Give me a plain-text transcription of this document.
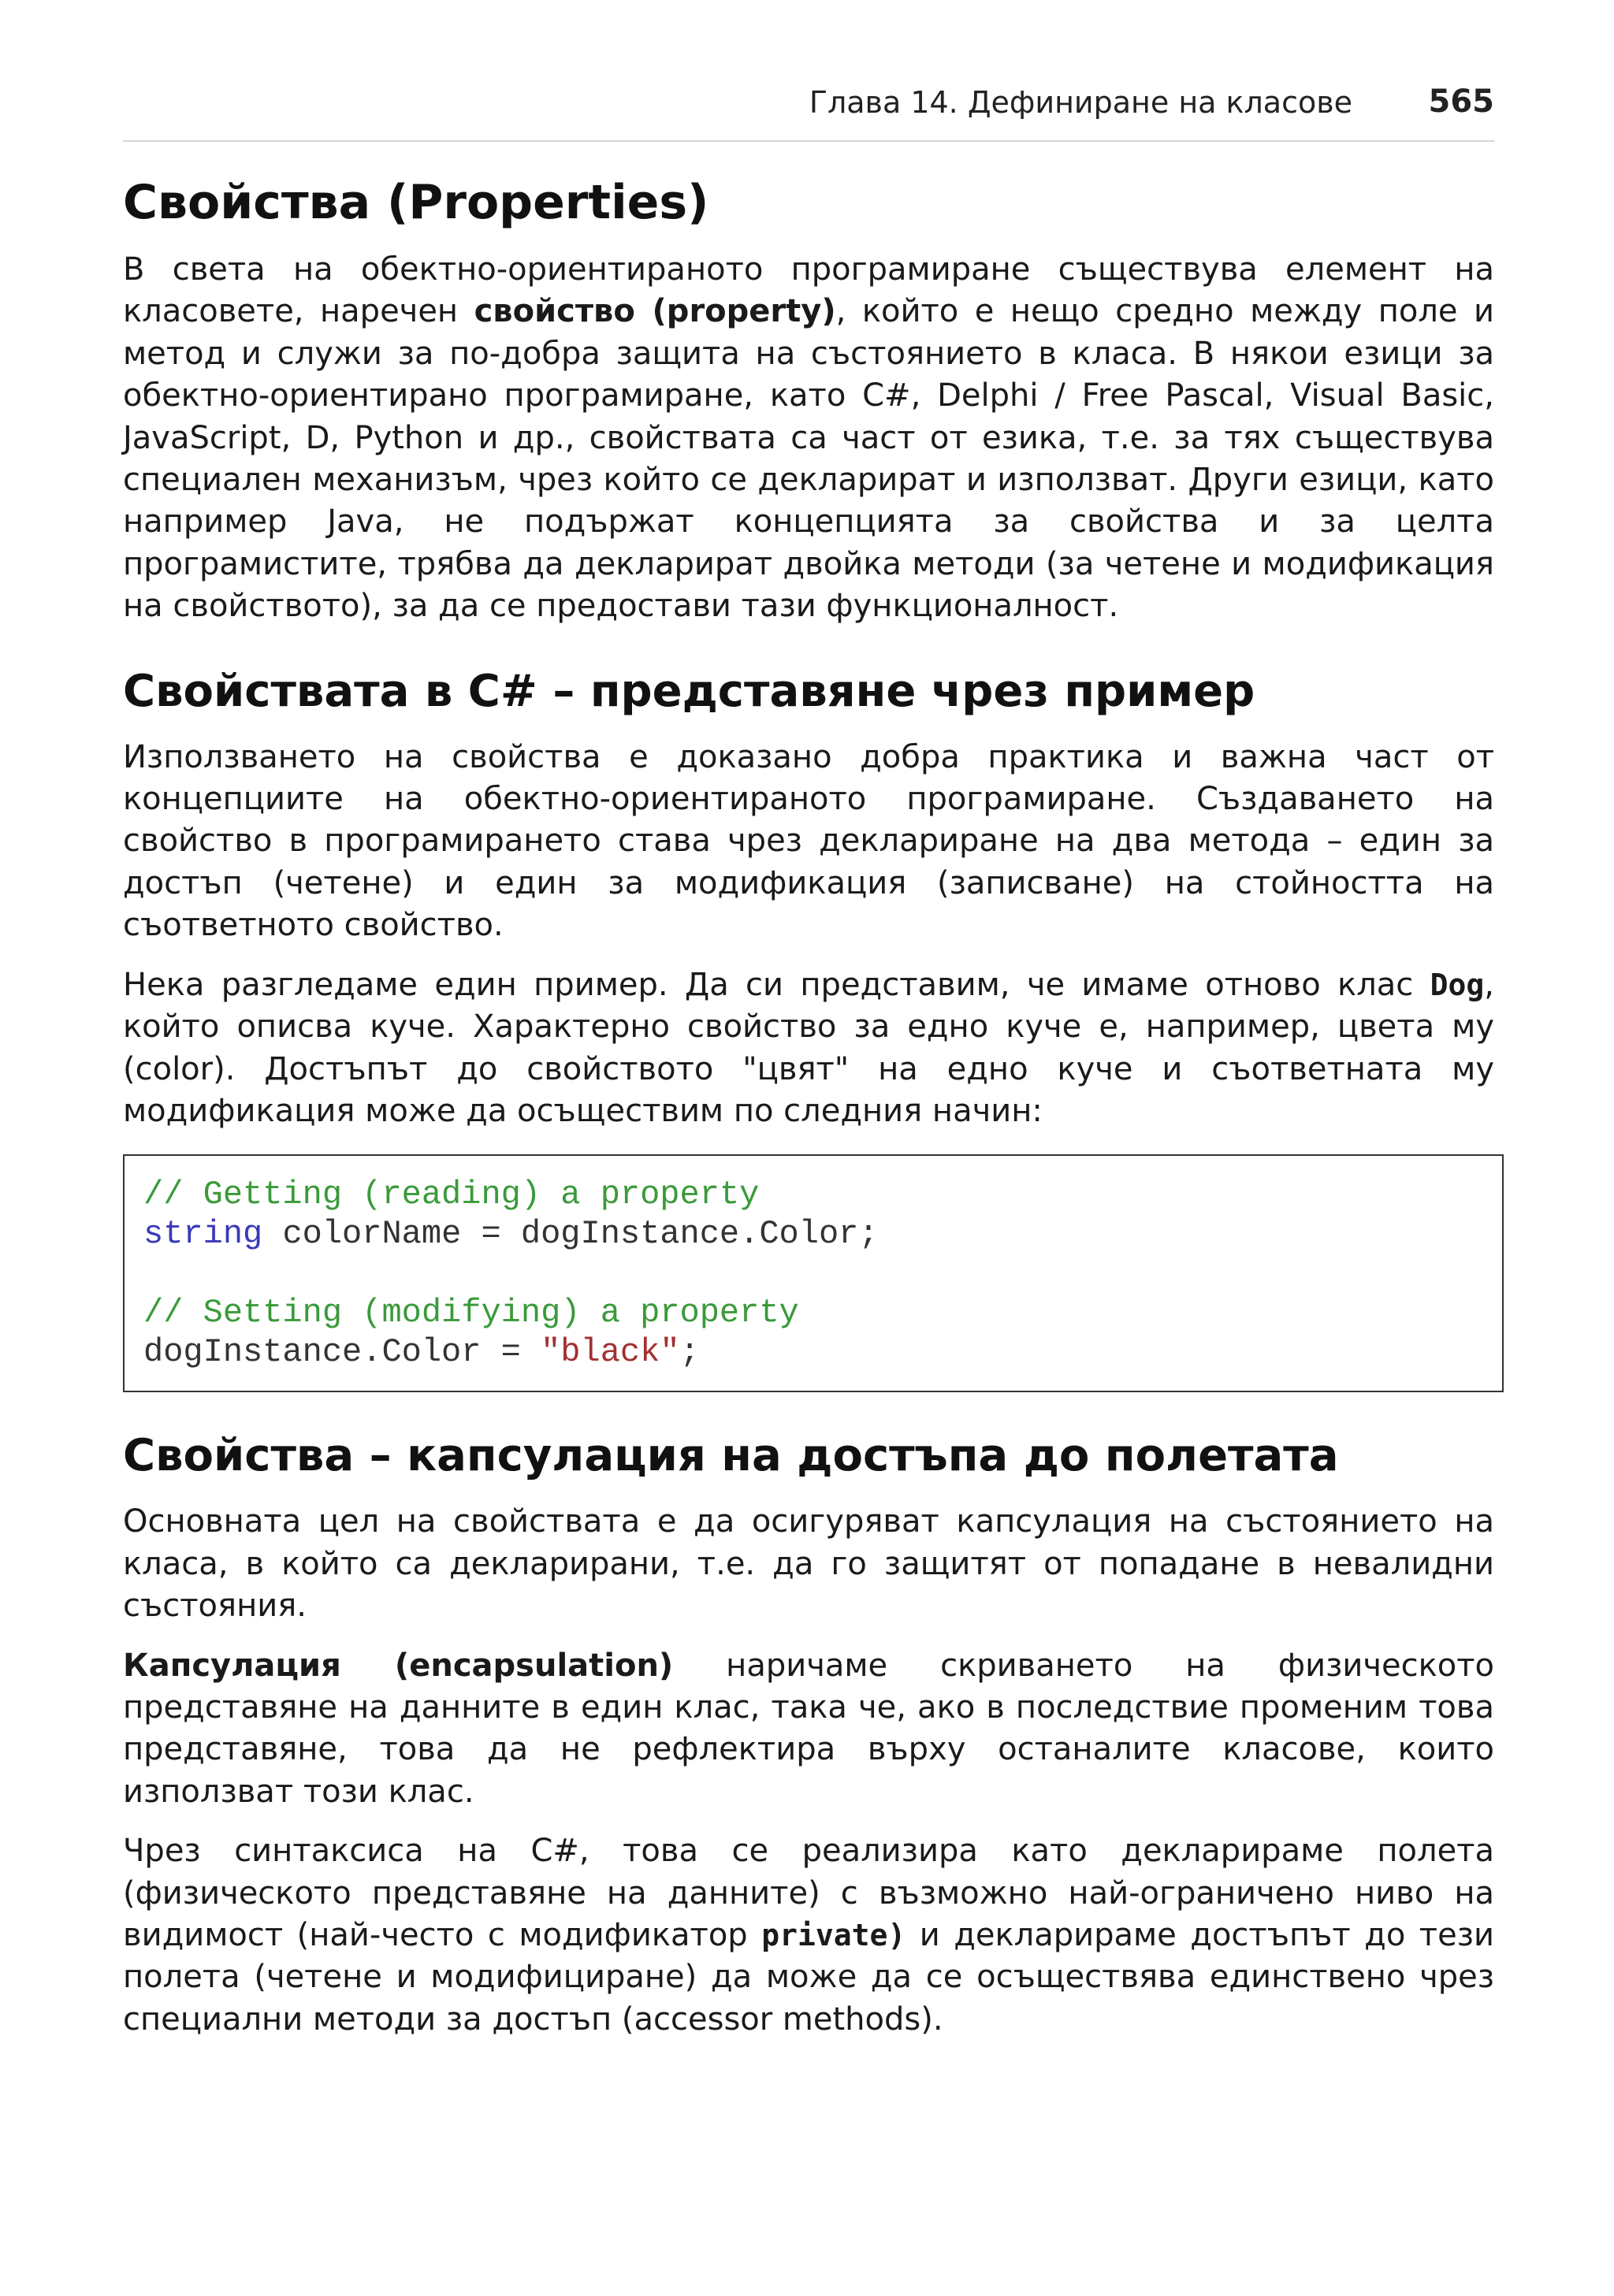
Глава 14. Дефиниране на класове 565
Свойства (Properties)

В света на обектно-ориентираното програмиране съществува елемент на класовете, наречен свойство (property), който е нещо средно между поле и метод и служи за по-добра защита на състоянието в класа. В някои езици за обектно-ориентирано програмиране, като C#, Delphi / Free Pascal, Visual Basic, JavaScript, D, Python и др., свойствата са част от езика, т.е. за тях съществува специален механизъм, чрез който се декларират и използват. Други езици, като например Java, не подържат концепцията за свойства и за целта програмистите, трябва да декларират двойка методи (за четене и модификация на свойството), за да се предостави тази функционалност.

Свойствата в C# – представяне чрез пример

Използването на свойства е доказано добра практика и важна част от концепциите на обектно-ориентираното програмиране. Създаването на свойство в програмирането става чрез деклариране на два метода – един за достъп (четене) и един за модификация (записване) на стойността на съответното свойство.

Нека разгледаме един пример. Да си представим, че имаме отново клас Dog, който описва куче. Характерно свойство за едно куче е, например, цвета му (color). Достъпът до свойството "цвят" на едно куче и съответната му модификация може да осъществим по следния начин:

// Getting (reading) a property
string colorName = dogInstance.Color;
// Setting (modifying) a property
dogInstance.Color = "black";
Свойства – капсулация на достъпа до полетата

Основната цел на свойствата е да осигуряват капсулация на състоянието на класа, в който са декларирани, т.е. да го защитят от попадане в невалидни състояния.

Капсулация (encapsulation) наричаме скриването на физическото представяне на данните в един клас, така че, ако в последствие променим това представяне, това да не рефлектира върху останалите класове, които използват този клас.

Чрез синтаксиса на C#, това се реализира като декларираме полета (физическото представяне на данните) с възможно най-ограничено ниво на видимост (най-често с модификатор private) и декларираме достъпът до тези полета (четене и модифициране) да може да се осъществява единствено чрез специални методи за достъп (accessor methods).
